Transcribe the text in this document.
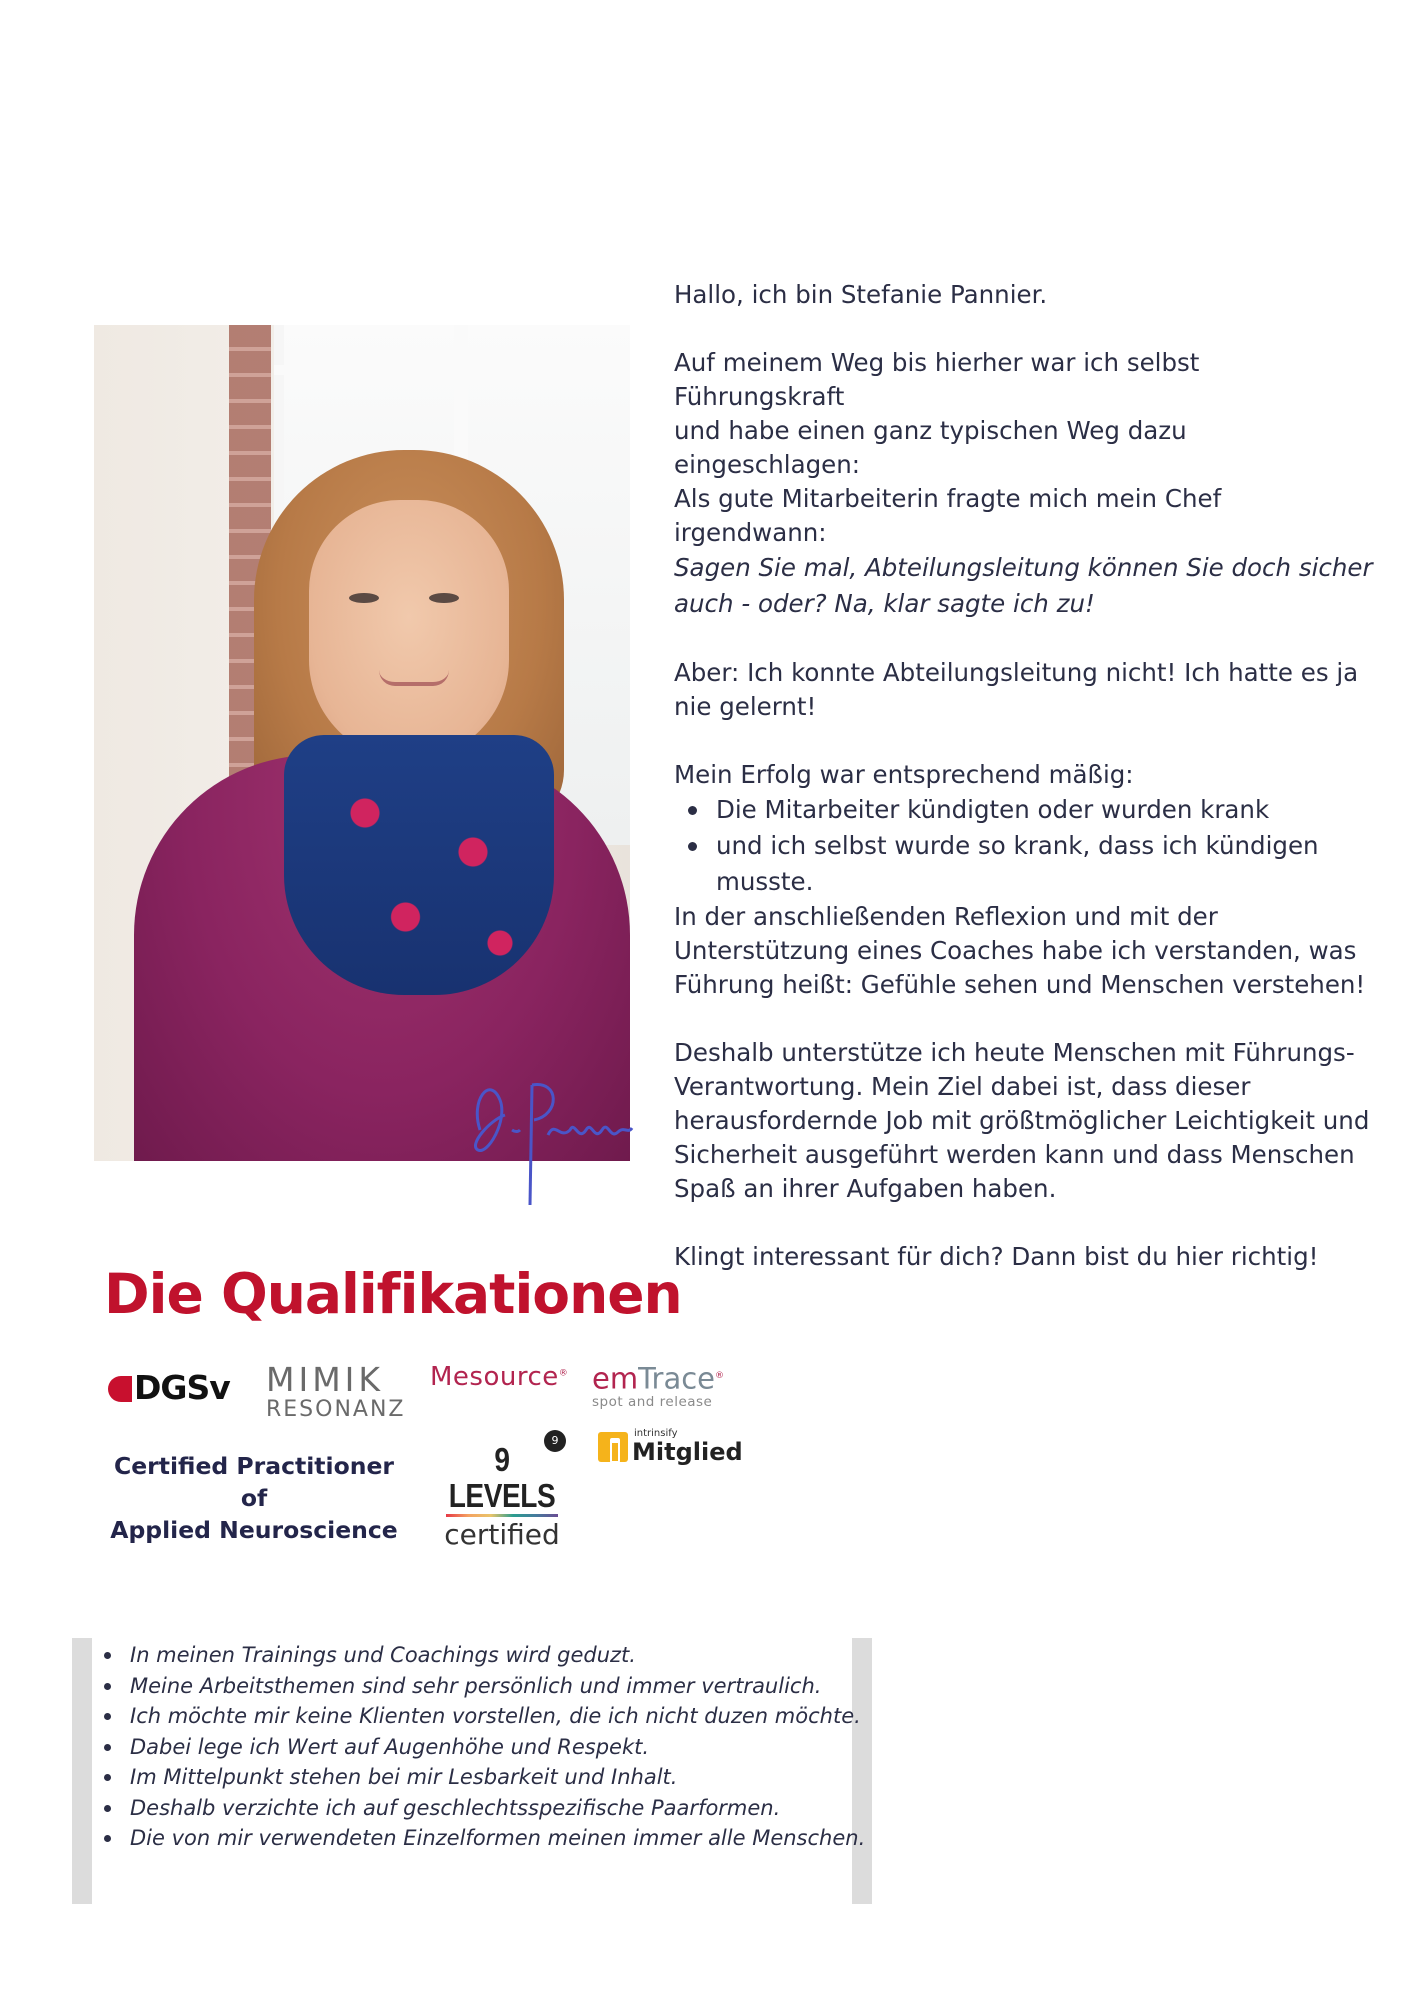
Hallo, ich bin Stefanie Pannier.

Auf meinem Weg bis hierher war ich selbst Führungskraft
und habe einen ganz typischen Weg dazu eingeschlagen:
Als gute Mitarbeiterin fragte mich mein Chef irgendwann:

Sagen Sie mal, Abteilungsleitung können Sie doch sicher
auch - oder? Na, klar sagte ich zu!

Aber: Ich konnte Abteilungsleitung nicht! Ich hatte es ja
nie gelernt!

Mein Erfolg war entsprechend mäßig:

Die Mitarbeiter kündigten oder wurden krank
und ich selbst wurde so krank, dass ich kündigen
musste.

In der anschließenden Reflexion und mit der
Unterstützung eines Coaches habe ich verstanden, was
Führung heißt: Gefühle sehen und Menschen verstehen!

Deshalb unterstütze ich heute Menschen mit Führungs-
Verantwortung. Mein Ziel dabei ist, dass dieser
herausfordernde Job mit größtmöglicher Leichtigkeit und
Sicherheit ausgeführt werden kann und dass Menschen
Spaß an ihrer Aufgaben haben.

Klingt interessant für dich? Dann bist du hier richtig!

Die Qualifikationen
DGSv MIMIK
RESONANZ
Mesource® emTrace®
spot and release
Certified Practitioner of
Applied Neuroscience
9
9 LEVELS
certified
intrinsify
Mitglied
In meinen Trainings und Coachings wird geduzt.
Meine Arbeitsthemen sind sehr persönlich und immer vertraulich.
Ich möchte mir keine Klienten vorstellen, die ich nicht duzen möchte.
Dabei lege ich Wert auf Augenhöhe und Respekt.
Im Mittelpunkt stehen bei mir Lesbarkeit und Inhalt.
Deshalb verzichte ich auf geschlechtsspezifische Paarformen.
Die von mir verwendeten Einzelformen meinen immer alle Menschen.
